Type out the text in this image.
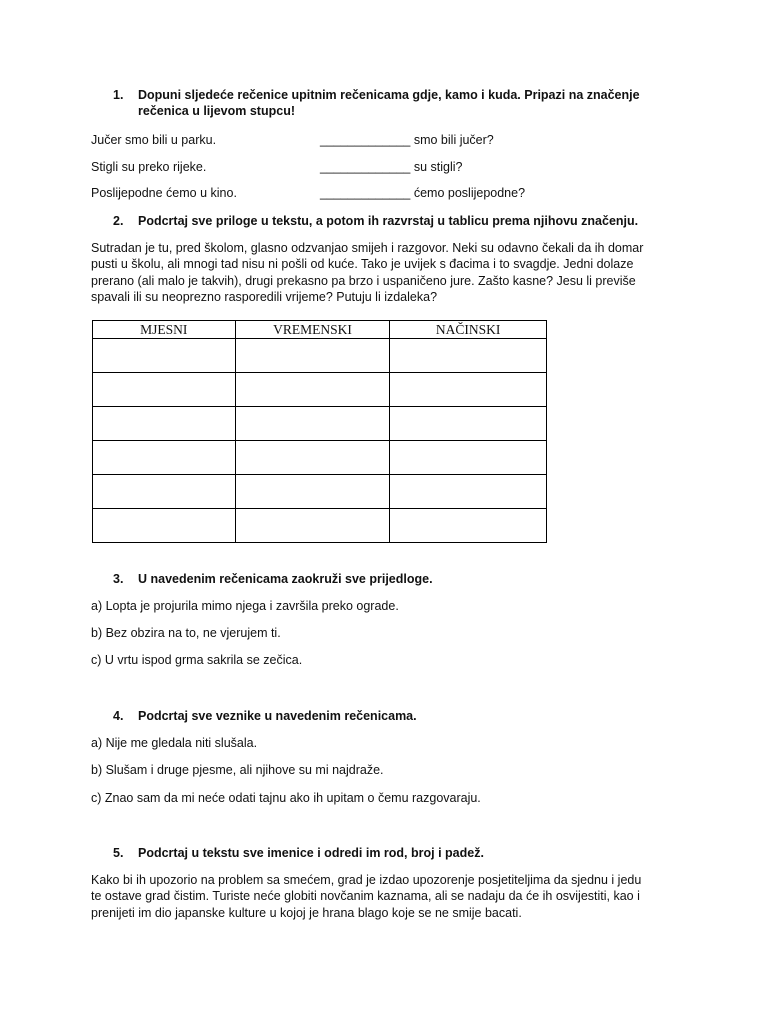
1. Dopuni sljedeće rečenice upitnim rečenicama gdje, kamo i kuda. Pripazi na značenje
rečenica u lijevom stupcu!
Jučer smo bili u parku.	_____________ smo bili jučer?
Stigli su preko rijeke.	_____________ su stigli?
Poslijepodne ćemo u kino.	_____________ ćemo poslijepodne?
2. Podcrtaj sve priloge u tekstu, a potom ih razvrstaj u tablicu prema njihovu značenju.
Sutradan je tu, pred školom, glasno odzvanjao smijeh i razgovor. Neki su odavno čekali da ih domar
pusti u školu, ali mnogi tad nisu ni pošli od kuće. Tako je uvijek s đacima i to svagdje. Jedni dolaze
prerano (ali malo je takvih), drugi prekasno pa brzo i uspaničeno jure. Zašto kasne? Jesu li previše
spavali ili su neoprezno rasporedili vrijeme? Putuju li izdaleka?
MJESNI	VREMENSKI	NAČINSKI

3. U navedenim rečenicama zaokruži sve prijedloge.
a) Lopta je projurila mimo njega i završila preko ograde.
b) Bez obzira na to, ne vjerujem ti.
c) U vrtu ispod grma sakrila se zečica.
4. Podcrtaj sve veznike u navedenim rečenicama.
a) Nije me gledala niti slušala.
b) Slušam i druge pjesme, ali njihove su mi najdraže.
c) Znao sam da mi neće odati tajnu ako ih upitam o čemu razgovaraju.
5. Podcrtaj u tekstu sve imenice i odredi im rod, broj i padež.
Kako bi ih upozorio na problem sa smećem, grad je izdao upozorenje posjetiteljima da sjednu i jedu
te ostave grad čistim. Turiste neće globiti novčanim kaznama, ali se nadaju da će ih osvijestiti, kao i
prenijeti im dio japanske kulture u kojoj je hrana blago koje se ne smije bacati.
